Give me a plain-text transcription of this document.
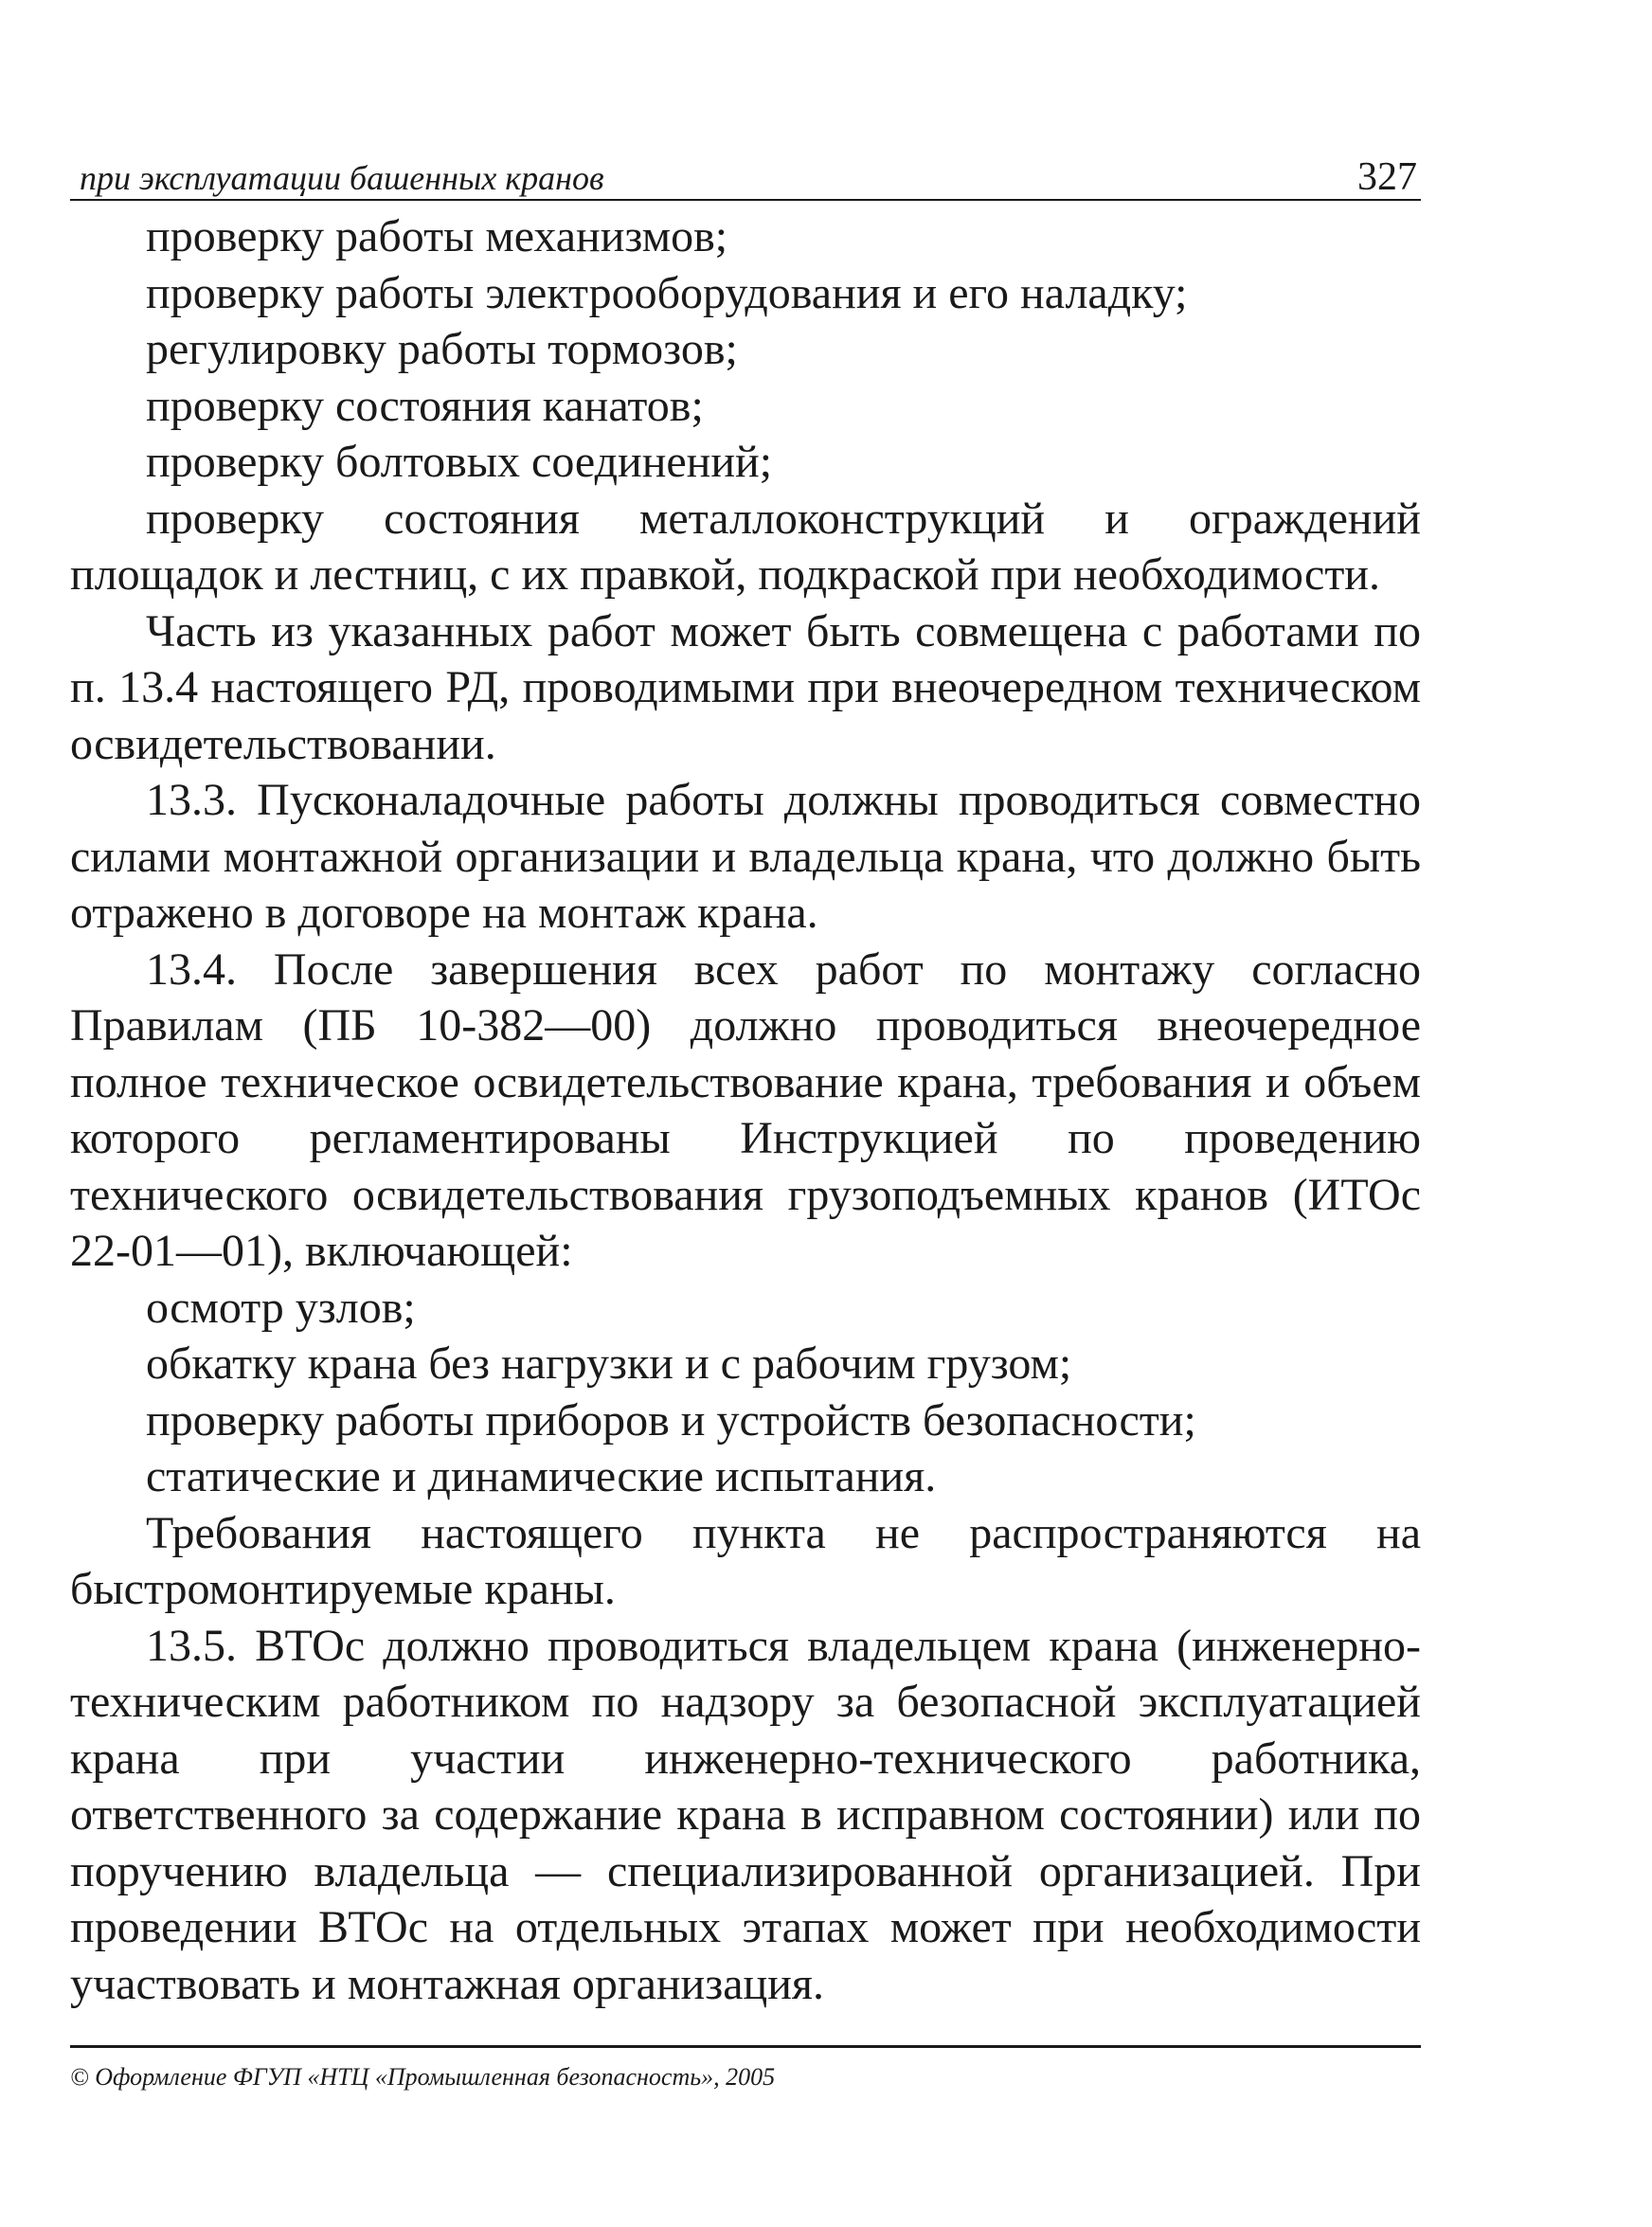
при эксплуатации башенных кранов	327

проверку работы механизмов;

проверку работы электрооборудования и его наладку;

регулировку работы тормозов;

проверку состояния канатов;

проверку болтовых соединений;

проверку состояния металлоконструкций и ограждений площадок и лестниц, с их правкой, подкраской при необходимости.

Часть из указанных работ может быть совмещена с работами по п. 13.4 настоящего РД, проводимыми при внеочередном техническом освидетельствовании.

13.3. Пусконаладочные работы должны проводиться совместно силами монтажной организации и владельца крана, что должно быть отражено в договоре на монтаж крана.

13.4. После завершения всех работ по монтажу согласно Правилам (ПБ 10-382—00) должно проводиться внеочередное полное техническое освидетельствование крана, требования и объем которого регламентированы Инструкцией по проведению технического освидетельствования грузоподъемных кранов (ИТОс 22-01—01), включающей:

осмотр узлов;

обкатку крана без нагрузки и с рабочим грузом;

проверку работы приборов и устройств безопасности;

статические и динамические испытания.

Требования настоящего пункта не распространяются на быстромонтируемые краны.

13.5. ВТОс должно проводиться владельцем крана (инженерно-техническим работником по надзору за безопасной эксплуатацией крана при участии инженерно-технического работника, ответственного за содержание крана в исправном состоянии) или по поручению владельца — специализированной организацией. При проведении ВТОс на отдельных этапах может при необходимости участвовать и монтажная организация.

© Оформление ФГУП «НТЦ «Промышленная безопасность», 2005
